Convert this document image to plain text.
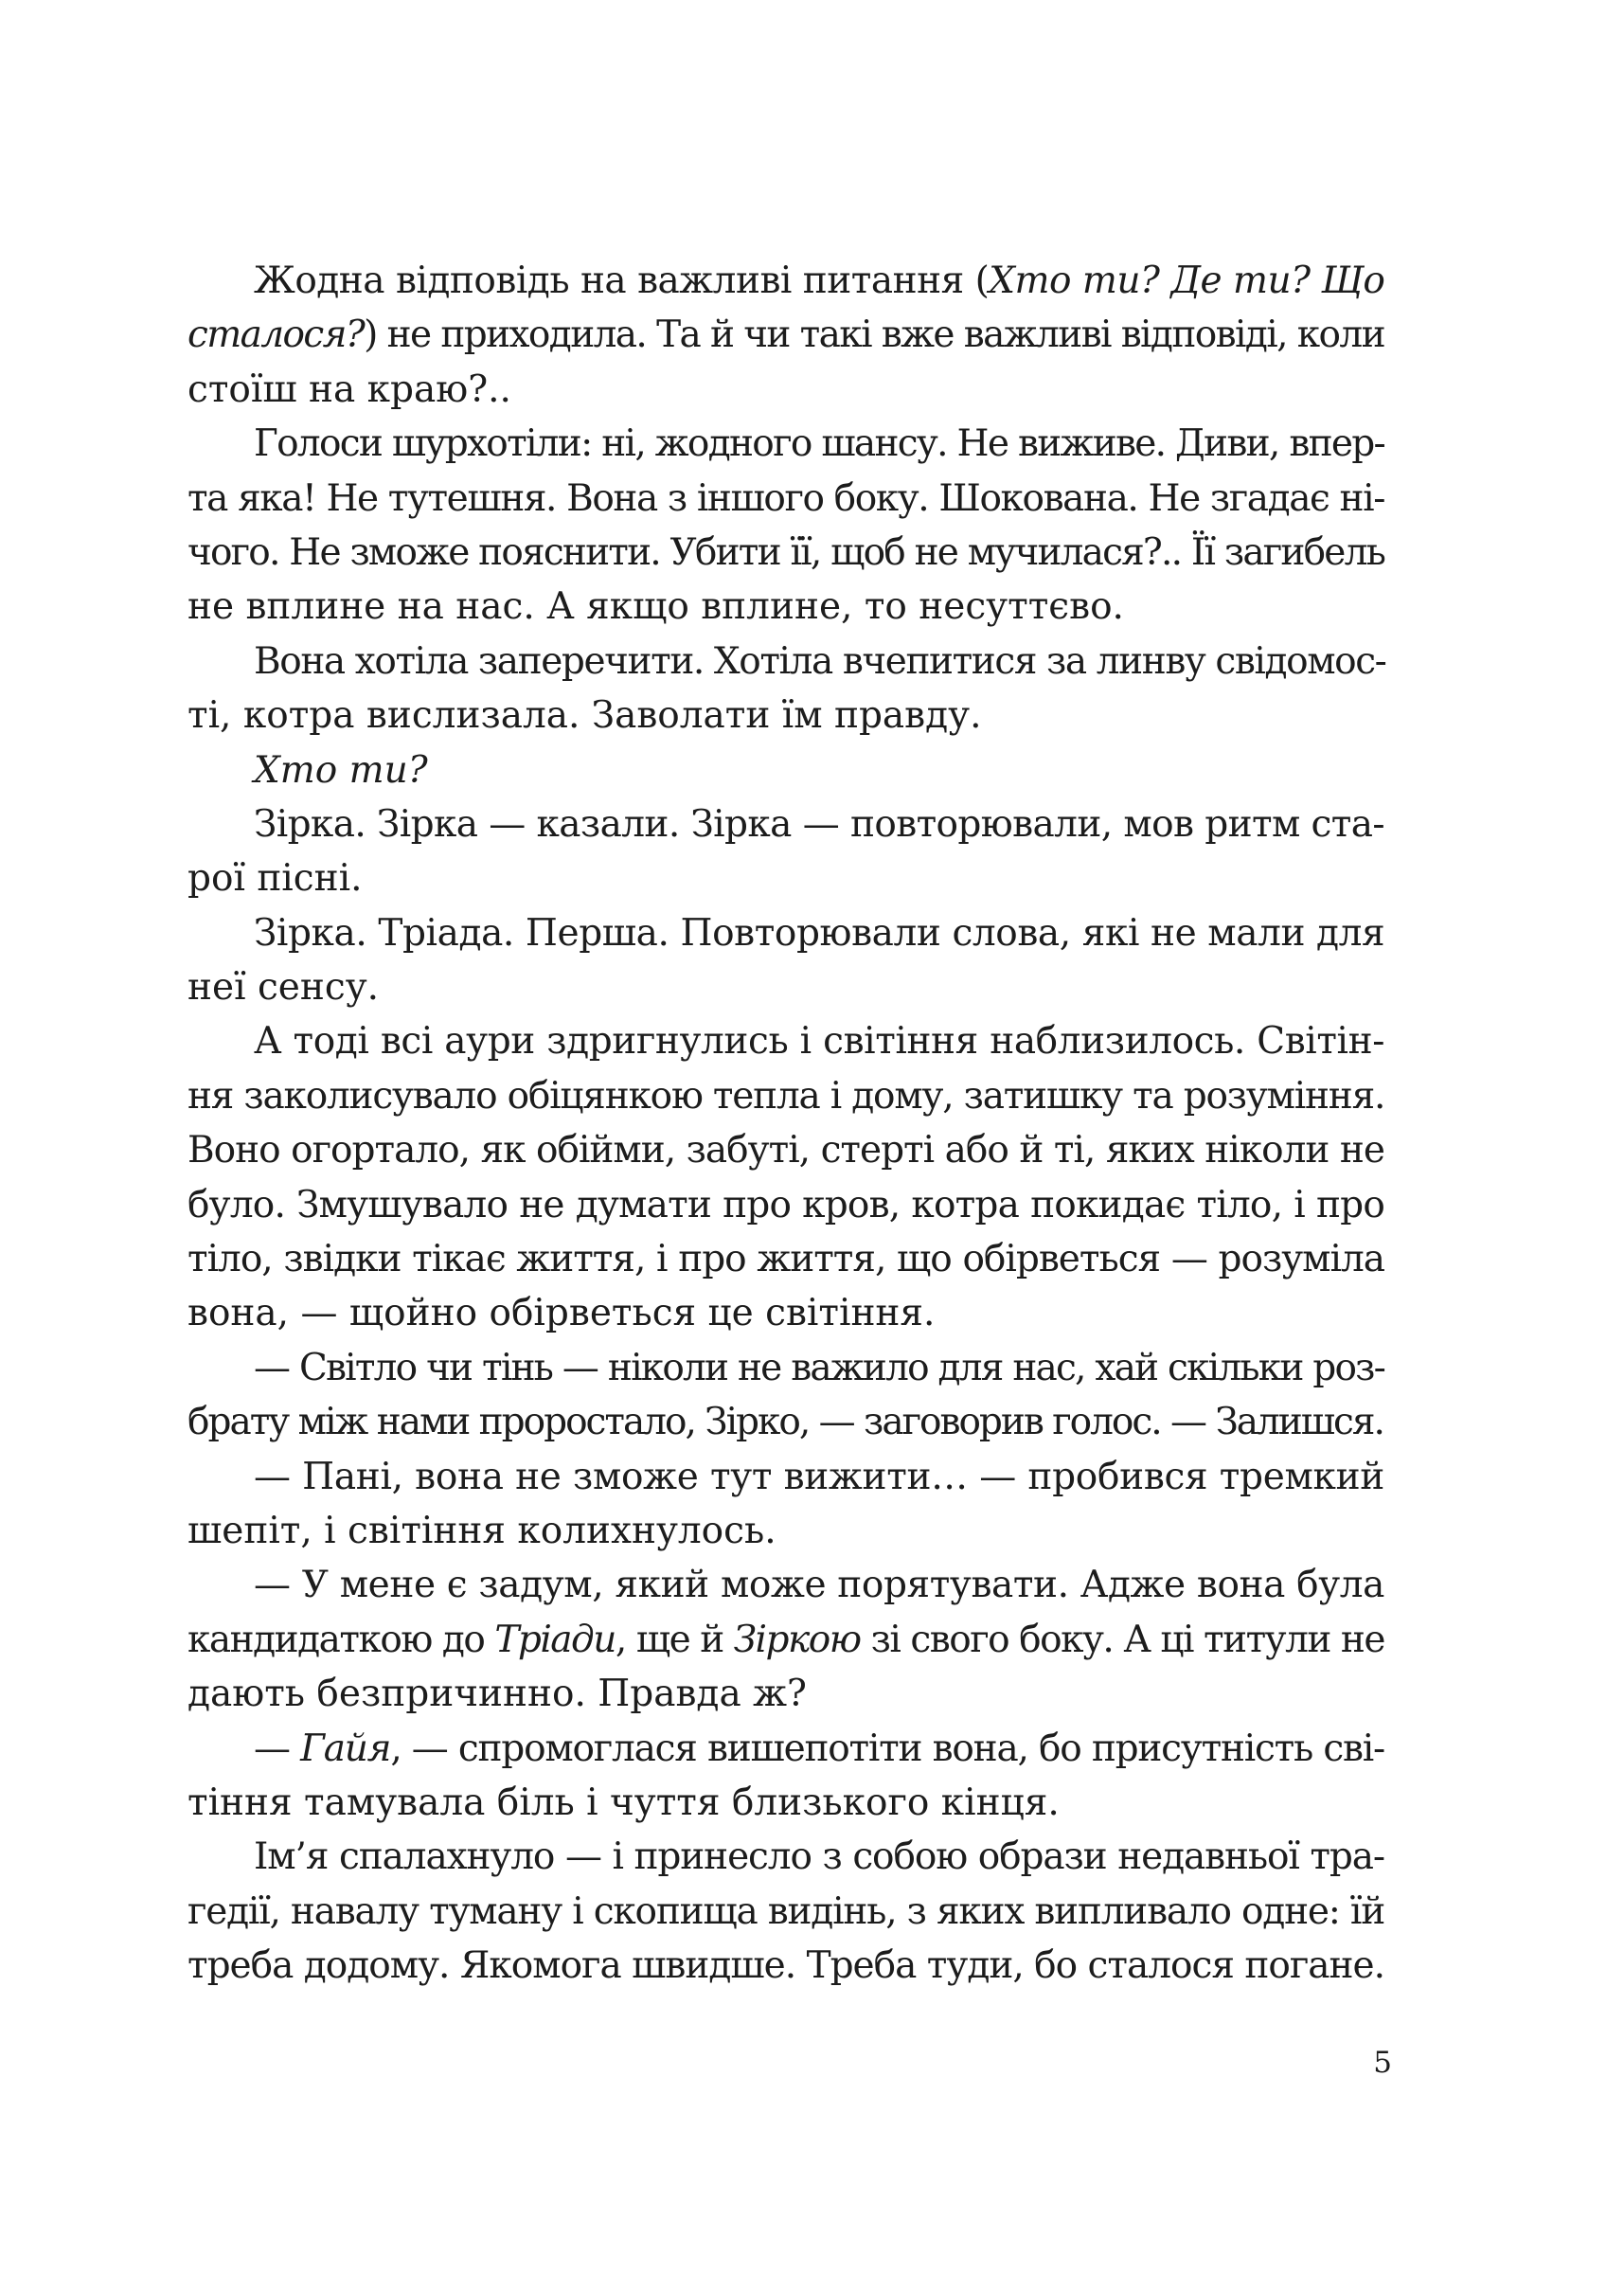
Жодна відповідь на важливі питання (Хто ти? Де ти? Що
сталося?) не приходила. Та й чи такі вже важливі відповіді, коли
стоїш на краю?..
Голоси шурхотіли: ні, жодного шансу. Не виживе. Диви, впер-
та яка! Не тутешня. Вона з іншого боку. Шокована. Не згадає ні-
чого. Не зможе пояснити. Убити її, щоб не мучилася?.. Її загибель
не вплине на нас. А якщо вплине, то несуттєво.
Вона хотіла заперечити. Хотіла вчепитися за линву свідомос-
ті, котра вислизала. Заволати їм правду.
Хто ти?
Зірка. Зірка — казали. Зірка — повторювали, мов ритм ста-
рої пісні.
Зірка. Тріада. Перша. Повторювали слова, які не мали для
неї сенсу.
А тоді всі аури здригнулись і світіння наблизилось. Світін-
ня заколисувало обіцянкою тепла і дому, затишку та розуміння.
Воно огортало, як обійми, забуті, стерті або й ті, яких ніколи не
було. Змушувало не думати про кров, котра покидає тіло, і про
тіло, звідки тікає життя, і про життя, що обірветься — розуміла
вона, — щойно обірветься це світіння.
— Світло чи тінь — ніколи не важило для нас, хай скільки роз-
брату між нами проростало, Зірко, — заговорив голос. — Залишся.
— Пані, вона не зможе тут вижити… — пробився тремкий
шепіт, і світіння колихнулось.
— У мене є задум, який може порятувати. Адже вона була
кандидаткою до Тріади, ще й Зіркою зі свого боку. А ці титули не
дають безпричинно. Правда ж?
— Гайя, — спромоглася вишепотіти вона, бо присутність сві-
тіння тамувала біль і чуття близького кінця.
Ім’я спалахнуло — і принесло з собою образи недавньої тра-
гедії, навалу туману і скопища видінь, з яких випливало одне: їй
треба додому. Якомога швидше. Треба туди, бо сталося погане.
5
